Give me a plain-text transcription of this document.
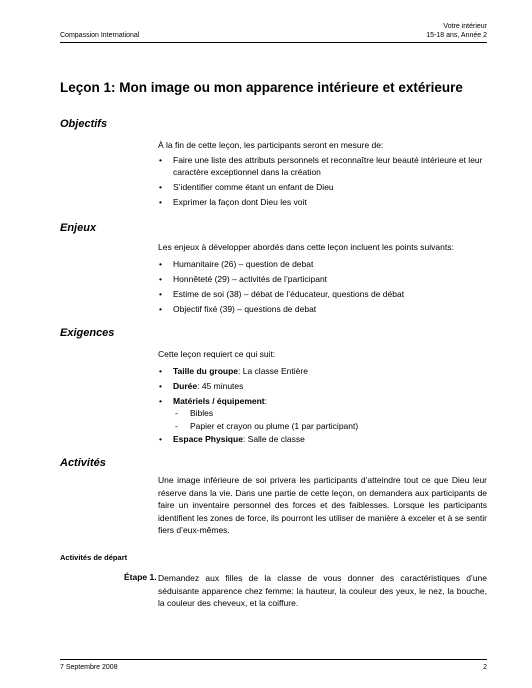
Compassion International
Votre intérieur
15-18 ans, Année 2
Leçon 1: Mon image ou mon apparence intérieure et extérieure
Objectifs
À la fin de cette leçon, les participants seront en mesure de:
• Faire une liste des attributs personnels et reconnaître leur beauté intérieure et leur caractère exceptionnel dans la création
• S’identifier comme étant un enfant de Dieu
• Exprimer la façon dont Dieu les voit
Enjeux
Les enjeux à développer abordés dans cette leçon incluent les points suivants:
• Humanitaire (26) – question de debat
• Honnêteté (29) – activités de l’participant
• Estime de soi (38) – débat de l’éducateur, questions de débat
• Objectif fixé (39) – questions de debat
Exigences
Cette leçon requiert ce qui suit:
• Taille du groupe: La classe Entière
• Durée: 45 minutes
• Matériels / équipement:
- Bibles
- Papier et crayon ou plume (1 par participant)
• Espace Physique: Salle de classe
Activités
Une image inférieure de soi privera les participants d’atteindre tout ce que Dieu leur réserve dans la vie. Dans une partie de cette leçon, on demandera aux participants de faire un inventaire personnel des forces et des faiblesses. Lorsque les participants identifient les zones de force, ils pourront les utiliser de manière à exceler et à se sentir fiers d’eux-mêmes.
Activités de départ
Étape 1. Demandez aux filles de la classe de vous donner des caractéristiques d’une séduisante apparence chez femme: la hauteur, la couleur des yeux, le nez, la bouche, la couleur des cheveux, et la coiffure.
7 Septembre 2008	2
